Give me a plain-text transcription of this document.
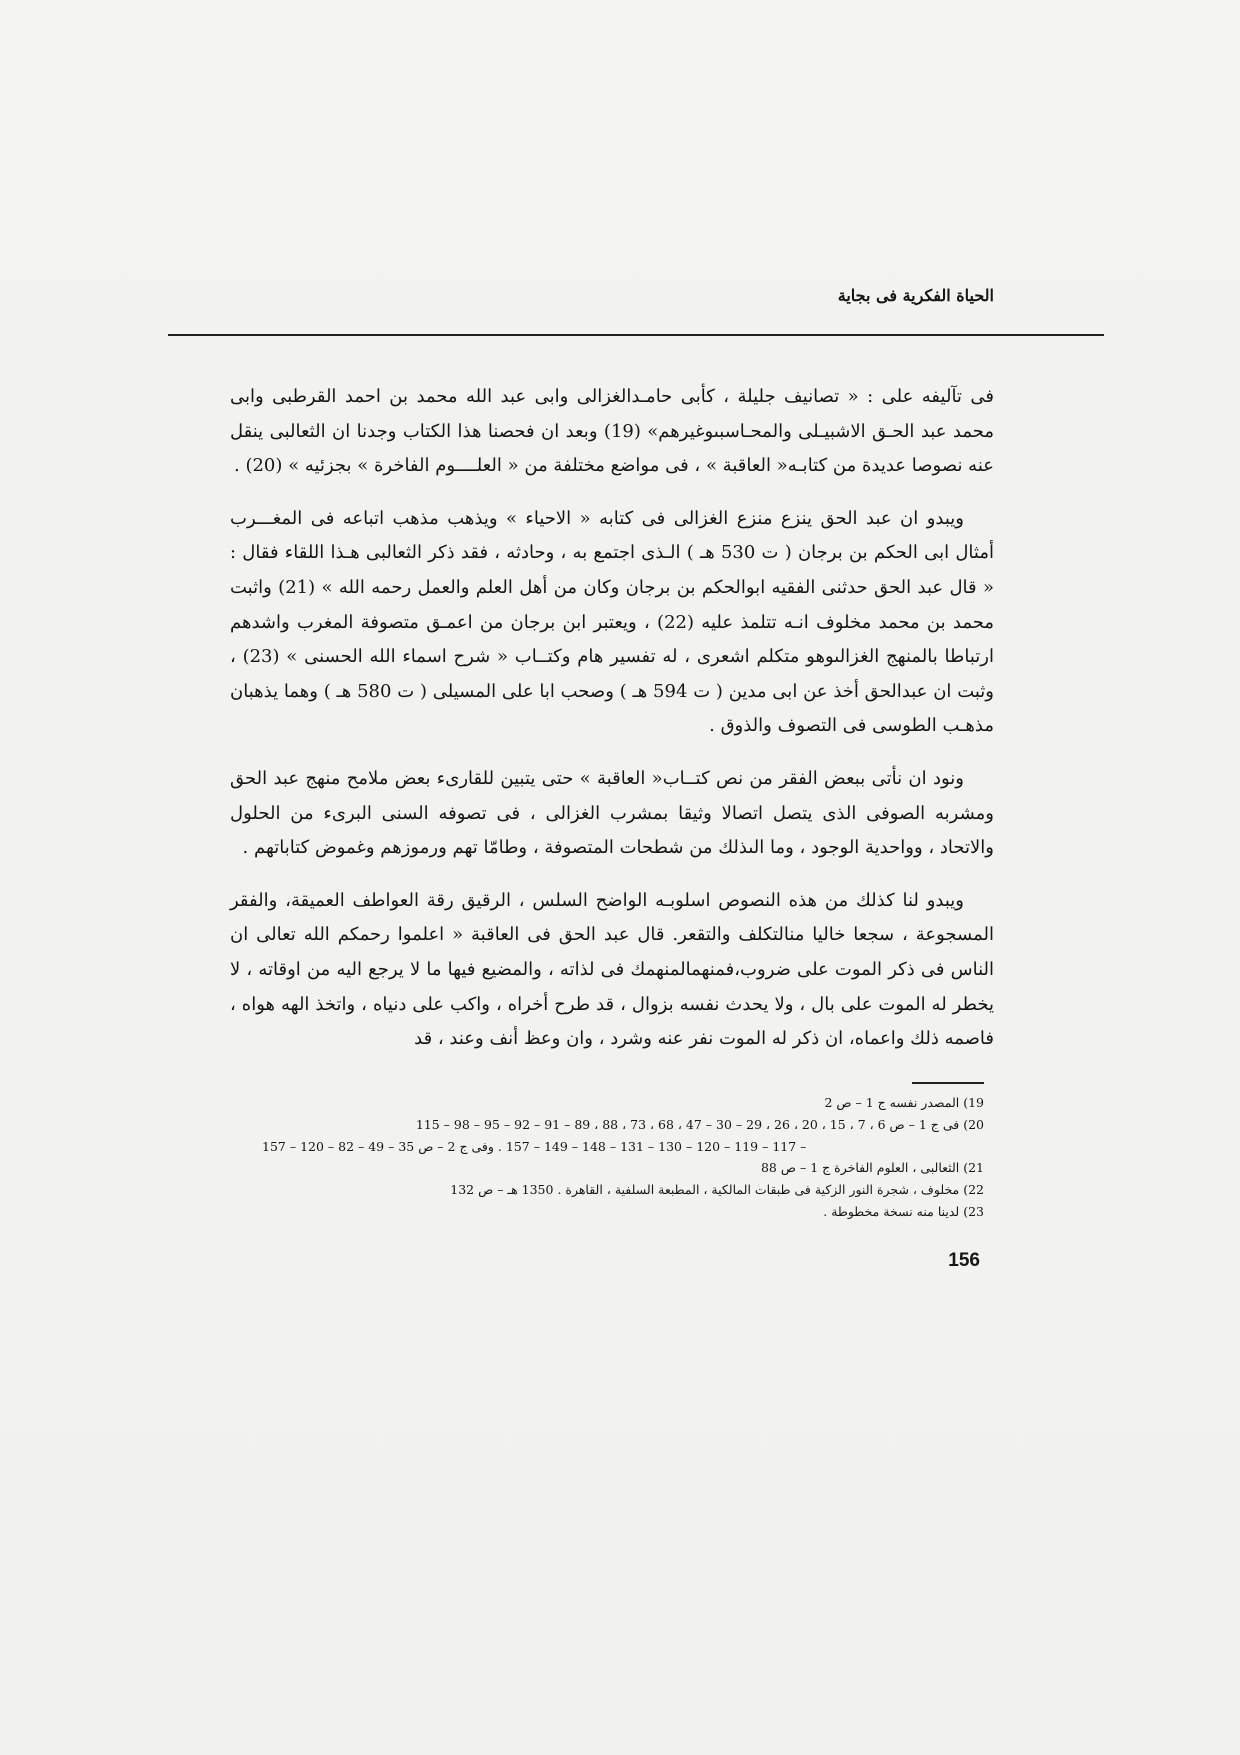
الحياة الفكرية فى بجاية

فى تآليفه على : « تصانيف جليلة ، كأبى حامـدالغزالى وابى عبد الله محمد بن احمد القرطبى وابى محمد عبد الحـق الاشبيـلى والمحـاسبىوغيرهم» (19) وبعد ان فحصنا هذا الكتاب وجدنا ان الثعالبى ينقل عنه نصوصا عديدة من كتابـه« العاقبة » ، فى مواضع مختلفة من « العلــــوم الفاخرة » بجزئيه » (20) .

ويبدو ان عبد الحق ينزع منزع الغزالى فى كتابه « الاحياء » ويذهب مذهب اتباعه فى المغـــرب أمثال ابى الحكم بن برجان ( ت 530 هـ ) الـذى اجتمع به ، وحادثه ، فقد ذكر الثعالبى هـذا اللقاء فقال : « قال عبد الحق حدثنى الفقيه ابوالحكم بن برجان وكان من أهل العلم والعمل رحمه الله » (21) واثبت محمد بن محمد مخلوف انـه تتلمذ عليه (22) ، ويعتبر ابن برجان من اعمـق متصوفة المغرب واشدهم ارتباطا بالمنهج الغزالىوهو متكلم اشعرى ، له تفسير هام وكتــاب « شرح اسماء الله الحسنى » (23) ، وثبت ان عبدالحق أخذ عن ابى مدين ( ت 594 هـ ) وصحب ابا على المسيلى ( ت 580 هـ ) وهما يذهبان مذهـب الطوسى فى التصوف والذوق .

ونود ان نأتى ببعض الفقر من نص كتــاب« العاقبة » حتى يتبين للقارىء بعض ملامح منهج عبد الحق ومشربه الصوفى الذى يتصل اتصالا وثيقا بمشرب الغزالى ، فى تصوفه السنى البرىء من الحلول والاتحاد ، وواحدية الوجود ، وما الىذلك من شطحات المتصوفة ، وطامّا تهم ورموزهم وغموض كتاباتهم .

ويبدو لنا كذلك من هذه النصوص اسلوبـه الواضح السلس ، الرقيق رقة العواطف العميقة، والفقر المسجوعة ، سجعا خاليا منالتكلف والتقعر. قال عبد الحق فى العاقبة « اعلموا رحمكم الله تعالى ان الناس فى ذكر الموت على ضروب،فمنهمالمنهمك فى لذاته ، والمضيع فيها ما لا يرجع اليه من اوقاته ، لا يخطر له الموت على بال ، ولا يحدث نفسه بزوال ، قد طرح أخراه ، واكب على دنياه ، واتخذ الهه هواه ، فاصمه ذلك واعماه، ان ذكر له الموت نفر عنه وشرد ، وان وعظ أنف وعند ، قد

19) المصدر نفسه ج 1 – ص 2

20) فى ج 1 – ص 6 ، 7 ، 15 ، 20 ، 26 ، 29 – 30 – 47 ، 68 ، 73 ، 88 ، 89 – 91 – 92 – 95 – 98 – 115

– 117 – 119 – 120 – 130 – 131 – 148 – 149 – 157 . وفى ج 2 – ص 35 – 49 – 82 – 120 – 157

21) الثعالبى ، العلوم الفاخرة ج 1 – ص 88

22) مخلوف ، شجرة النور الزكية فى طبقات المالكية ، المطبعة السلفية ، القاهرة . 1350 هـ – ص 132

23) لدينا منه نسخة مخطوطة .

156
